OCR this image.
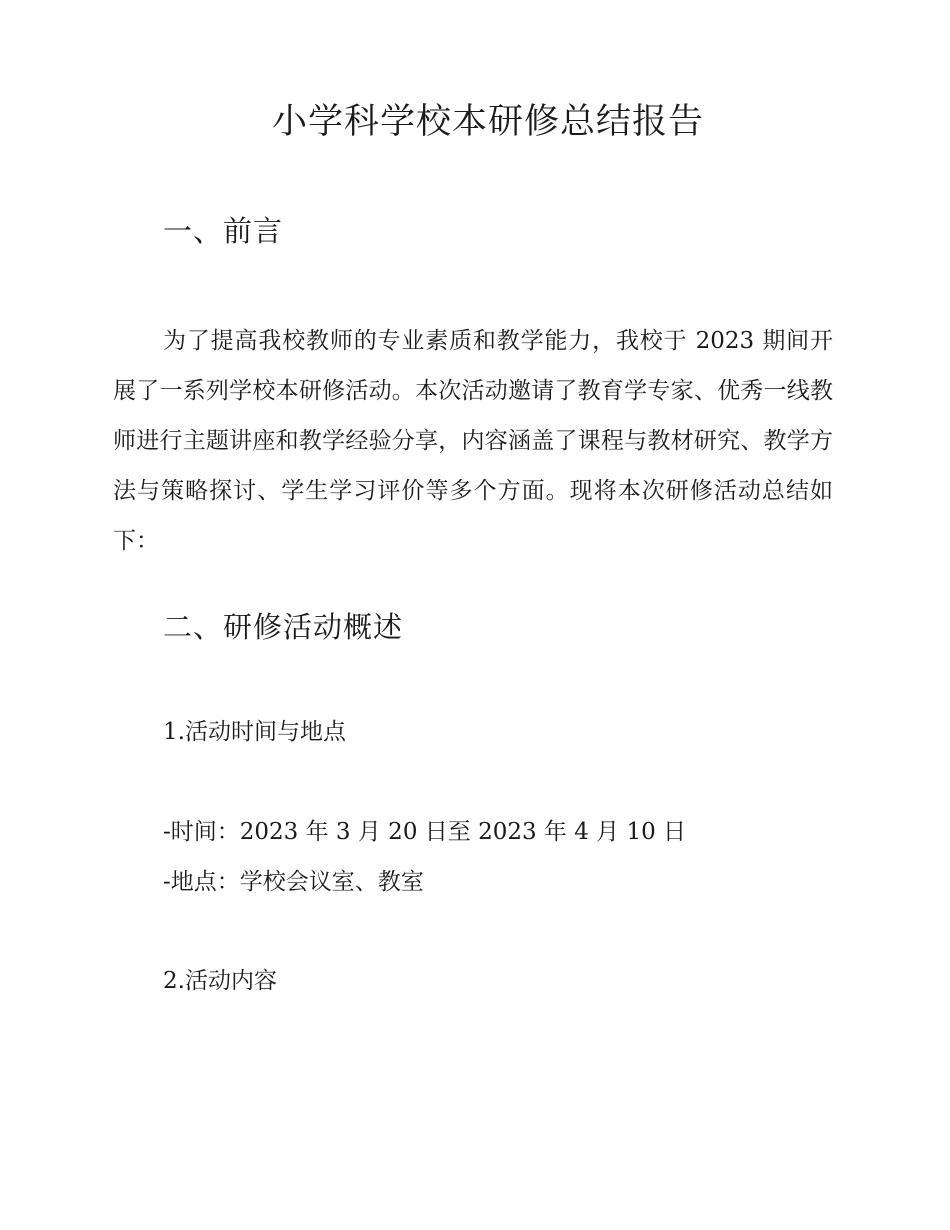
小学科学校本研修总结报告
一、前言

为了提高我校教师的专业素质和教学能力，我校于 2023 期间开展了一系列学校本研修活动。本次活动邀请了教育学专家、优秀一线教师进行主题讲座和教学经验分享，内容涵盖了课程与教材研究、教学方法与策略探讨、学生学习评价等多个方面。现将本次研修活动总结如下：

二、研修活动概述
1.活动时间与地点
-时间：2023 年 3 月 20 日至 2023 年 4 月 10 日
-地点：学校会议室、教室
2.活动内容
